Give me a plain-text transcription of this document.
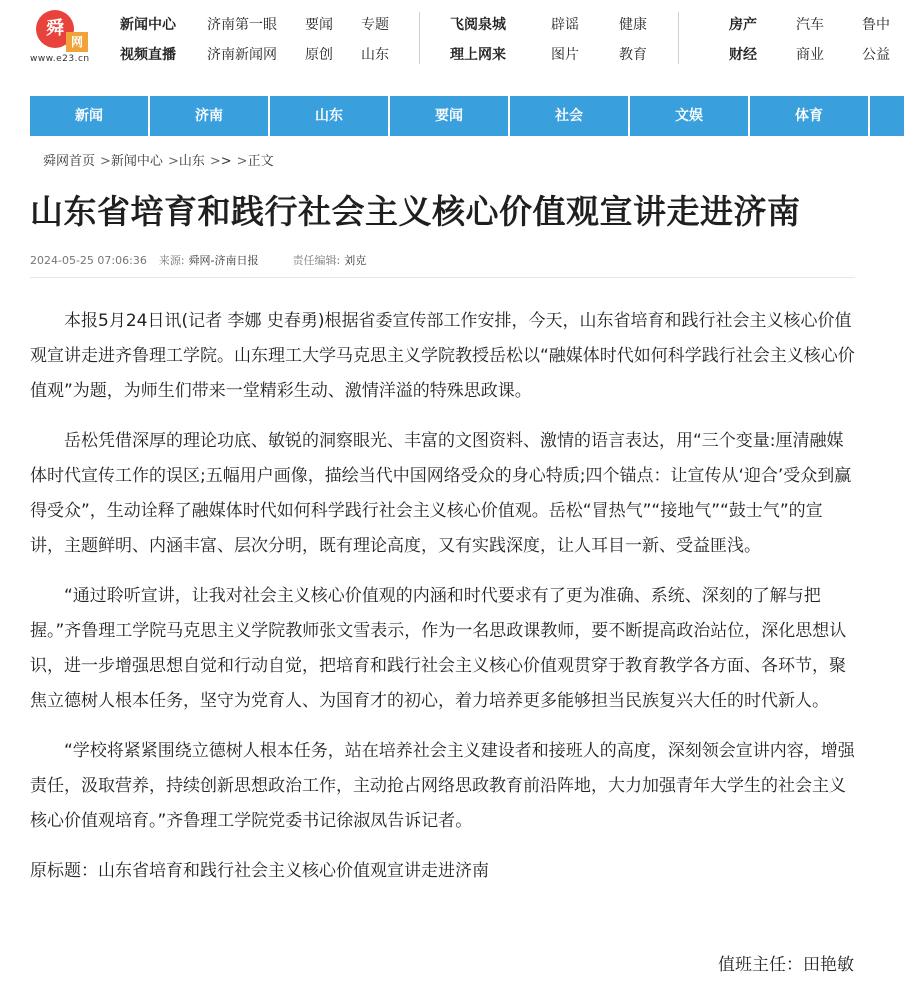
舜
网
www.e23.cn
新闻中心
视频直播
济南第一眼
济南新闻网
要闻
原创
专题
山东
飞阅泉城
理上网来
辟谣
图片
健康
教育
房产
财经
汽车
商业
鲁中
公益
新闻	济南	山东	要闻	社会	文娱	体育
舜网首页 >新闻中心 >山东 >> >正文
山东省培育和践行社会主义核心价值观宣讲走进济南
2024-05-25 07:06:36 来源: 舜网-济南日报	责任编辑: 刘克

本报5月24日讯(记者 李娜 史春勇)根据省委宣传部工作安排，今天，山东省培育和践行社会主义核心价值观宣讲走进齐鲁理工学院。山东理工大学马克思主义学院教授岳松以“融媒体时代如何科学践行社会主义核心价值观”为题，为师生们带来一堂精彩生动、激情洋溢的特殊思政课。

岳松凭借深厚的理论功底、敏锐的洞察眼光、丰富的文图资料、激情的语言表达，用“三个变量:厘清融媒体时代宣传工作的误区;五幅用户画像，描绘当代中国网络受众的身心特质;四个锚点：让宣传从‘迎合’受众到赢得受众”，生动诠释了融媒体时代如何科学践行社会主义核心价值观。岳松“冒热气”“接地气”“鼓士气”的宣讲，主题鲜明、内涵丰富、层次分明，既有理论高度，又有实践深度，让人耳目一新、受益匪浅。

“通过聆听宣讲，让我对社会主义核心价值观的内涵和时代要求有了更为准确、系统、深刻的了解与把握。”齐鲁理工学院马克思主义学院教师张文雪表示，作为一名思政课教师，要不断提高政治站位，深化思想认识，进一步增强思想自觉和行动自觉，把培育和践行社会主义核心价值观贯穿于教育教学各方面、各环节，聚焦立德树人根本任务，坚守为党育人、为国育才的初心，着力培养更多能够担当民族复兴大任的时代新人。

“学校将紧紧围绕立德树人根本任务，站在培养社会主义建设者和接班人的高度，深刻领会宣讲内容，增强责任，汲取营养，持续创新思想政治工作，主动抢占网络思政教育前沿阵地，大力加强青年大学生的社会主义核心价值观培育。”齐鲁理工学院党委书记徐淑凤告诉记者。

原标题：山东省培育和践行社会主义核心价值观宣讲走进济南

值班主任：田艳敏
